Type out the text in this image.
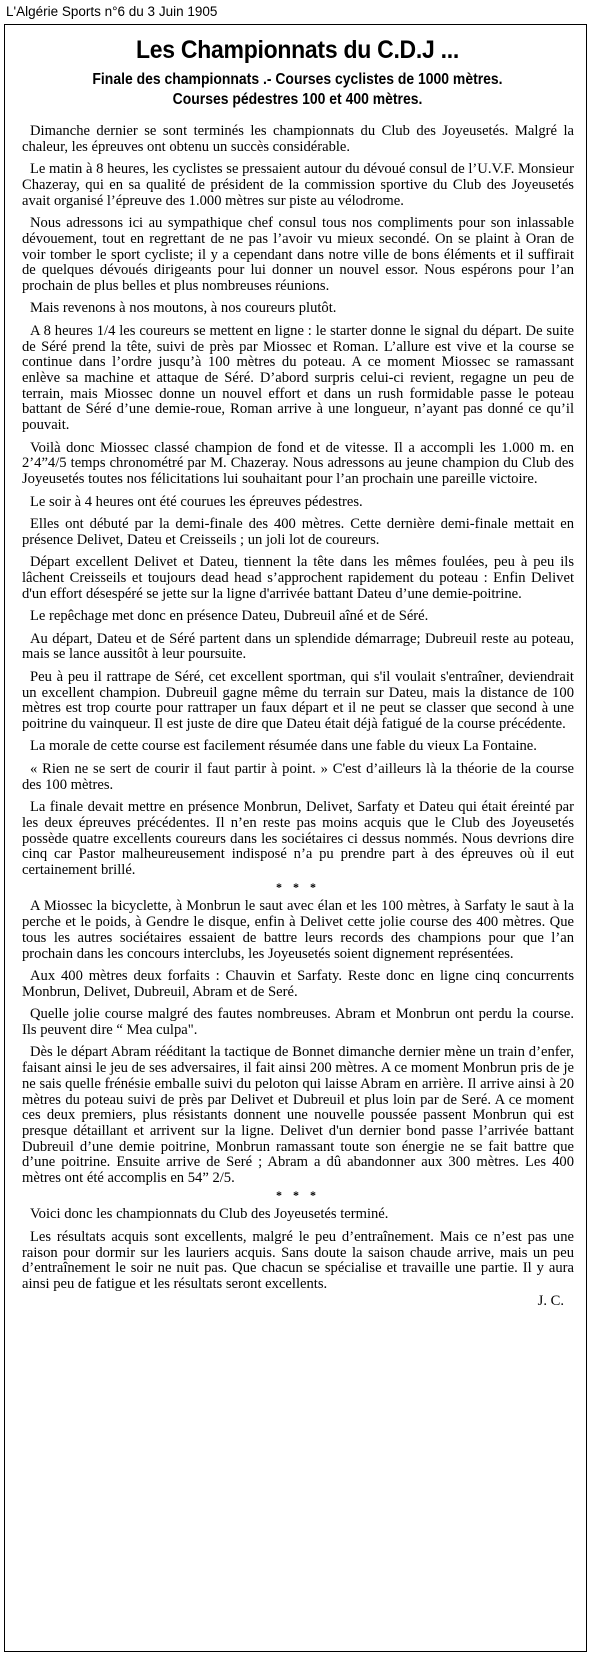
L'Algérie Sports n°6 du 3 Juin 1905

Les Championnats du C.D.J ...
Finale des championnats .- Courses cyclistes de 1000 mètres.
Courses pédestres 100 et 400 mètres.

Dimanche dernier se sont terminés les championnats du Club des Joyeusetés. Malgré la chaleur, les épreuves ont obtenu un succès considérable.

Le matin à 8 heures, les cyclistes se pressaient autour du dévoué consul de l’U.V.F. Monsieur Chazeray, qui en sa qualité de président de la commission sportive du Club des Joyeusetés avait organisé l’épreuve des 1.000 mètres sur piste au vélodrome.

Nous adressons ici au sympathique chef consul tous nos compliments pour son inlassable dévouement, tout en regrettant de ne pas l’avoir vu mieux secondé. On se plaint à Oran de voir tomber le sport cycliste; il y a cependant dans notre ville de bons éléments et il suffirait de quelques dévoués dirigeants pour lui donner un nouvel essor. Nous espérons pour l’an prochain de plus belles et plus nombreuses réunions.

Mais revenons à nos moutons, à nos coureurs plutôt.

A 8 heures 1/4 les coureurs se mettent en ligne : le starter donne le signal du départ. De suite de Séré prend la tête, suivi de près par Miossec et Roman. L’allure est vive et la course se continue dans l’ordre jusqu’à 100 mètres du poteau. A ce moment Miossec se ramassant enlève sa machine et attaque de Séré. D’abord surpris celui-ci revient, regagne un peu de terrain, mais Miossec donne un nouvel effort et dans un rush formidable passe le poteau battant de Séré d’une demie-roue, Roman arrive à une longueur, n’ayant pas donné ce qu’il pouvait.

Voilà donc Miossec classé champion de fond et de vitesse. Il a accompli les 1.000 m. en 2’4”4/5 temps chronométré par M. Chazeray. Nous adressons au jeune champion du Club des Joyeusetés toutes nos félicitations lui souhaitant pour l’an prochain une pareille victoire.

Le soir à 4 heures ont été courues les épreuves pédestres.

Elles ont débuté par la demi-finale des 400 mètres. Cette dernière demi-finale mettait en présence Delivet, Dateu et Creisseils ; un joli lot de coureurs.

Départ excellent Delivet et Dateu, tiennent la tête dans les mêmes foulées, peu à peu ils lâchent Creisseils et toujours dead head s’approchent rapidement du poteau : Enfin Delivet d'un effort désespéré se jette sur la ligne d'arrivée battant Dateu d’une demie-poitrine.

Le repêchage met donc en présence Dateu, Dubreuil aîné et de Séré.

Au départ, Dateu et de Séré partent dans un splendide démarrage; Dubreuil reste au poteau, mais se lance aussitôt à leur poursuite.

Peu à peu il rattrape de Séré, cet excellent sportman, qui s'il voulait s'entraîner, deviendrait un excellent champion. Dubreuil gagne même du terrain sur Dateu, mais la distance de 100 mètres est trop courte pour rattraper un faux départ et il ne peut se classer que second à une poitrine du vainqueur. Il est juste de dire que Dateu était déjà fatigué de la course précédente.

La morale de cette course est facilement résumée dans une fable du vieux La Fontaine.

« Rien ne se sert de courir il faut partir à point. » C'est d’ailleurs là la théorie de la course des 100 mètres.

La finale devait mettre en présence Monbrun, Delivet, Sarfaty et Dateu qui était éreinté par les deux épreuves précédentes. Il n’en reste pas moins acquis que le Club des Joyeusetés possède quatre excellents coureurs dans les sociétaires ci dessus nommés. Nous devrions dire cinq car Pastor malheureusement indisposé n’a pu prendre part à des épreuves où il eut certainement brillé.

* * *

A Miossec la bicyclette, à Monbrun le saut avec élan et les 100 mètres, à Sarfaty le saut à la perche et le poids, à Gendre le disque, enfin à Delivet cette jolie course des 400 mètres. Que tous les autres sociétaires essaient de battre leurs records des champions pour que l’an prochain dans les concours interclubs, les Joyeusetés soient dignement représentées.

Aux 400 mètres deux forfaits : Chauvin et Sarfaty. Reste donc en ligne cinq concurrents Monbrun, Delivet, Dubreuil, Abram et de Seré.

Quelle jolie course malgré des fautes nombreuses. Abram et Monbrun ont perdu la course. Ils peuvent dire “ Mea culpa".

Dès le départ Abram rééditant la tactique de Bonnet dimanche dernier mène un train d’enfer, faisant ainsi le jeu de ses adversaires, il fait ainsi 200 mètres. A ce moment Monbrun pris de je ne sais quelle frénésie emballe suivi du peloton qui laisse Abram en arrière. Il arrive ainsi à 20 mètres du poteau suivi de près par Delivet et Dubreuil et plus loin par de Seré. A ce moment ces deux premiers, plus résistants donnent une nouvelle poussée passent Monbrun qui est presque détaillant et arrivent sur la ligne. Delivet d'un dernier bond passe l’arrivée battant Dubreuil d’une demie poitrine, Monbrun ramassant toute son énergie ne se fait battre que d’une poitrine. Ensuite arrive de Seré ; Abram a dû abandonner aux 300 mètres. Les 400 mètres ont été accomplis en 54” 2/5.

* * *

Voici donc les championnats du Club des Joyeusetés terminé.

Les résultats acquis sont excellents, malgré le peu d’entraînement. Mais ce n’est pas une raison pour dormir sur les lauriers acquis. Sans doute la saison chaude arrive, mais un peu d’entraînement le soir ne nuit pas. Que chacun se spécialise et travaille une partie. Il y aura ainsi peu de fatigue et les résultats seront excellents.

J. C.
